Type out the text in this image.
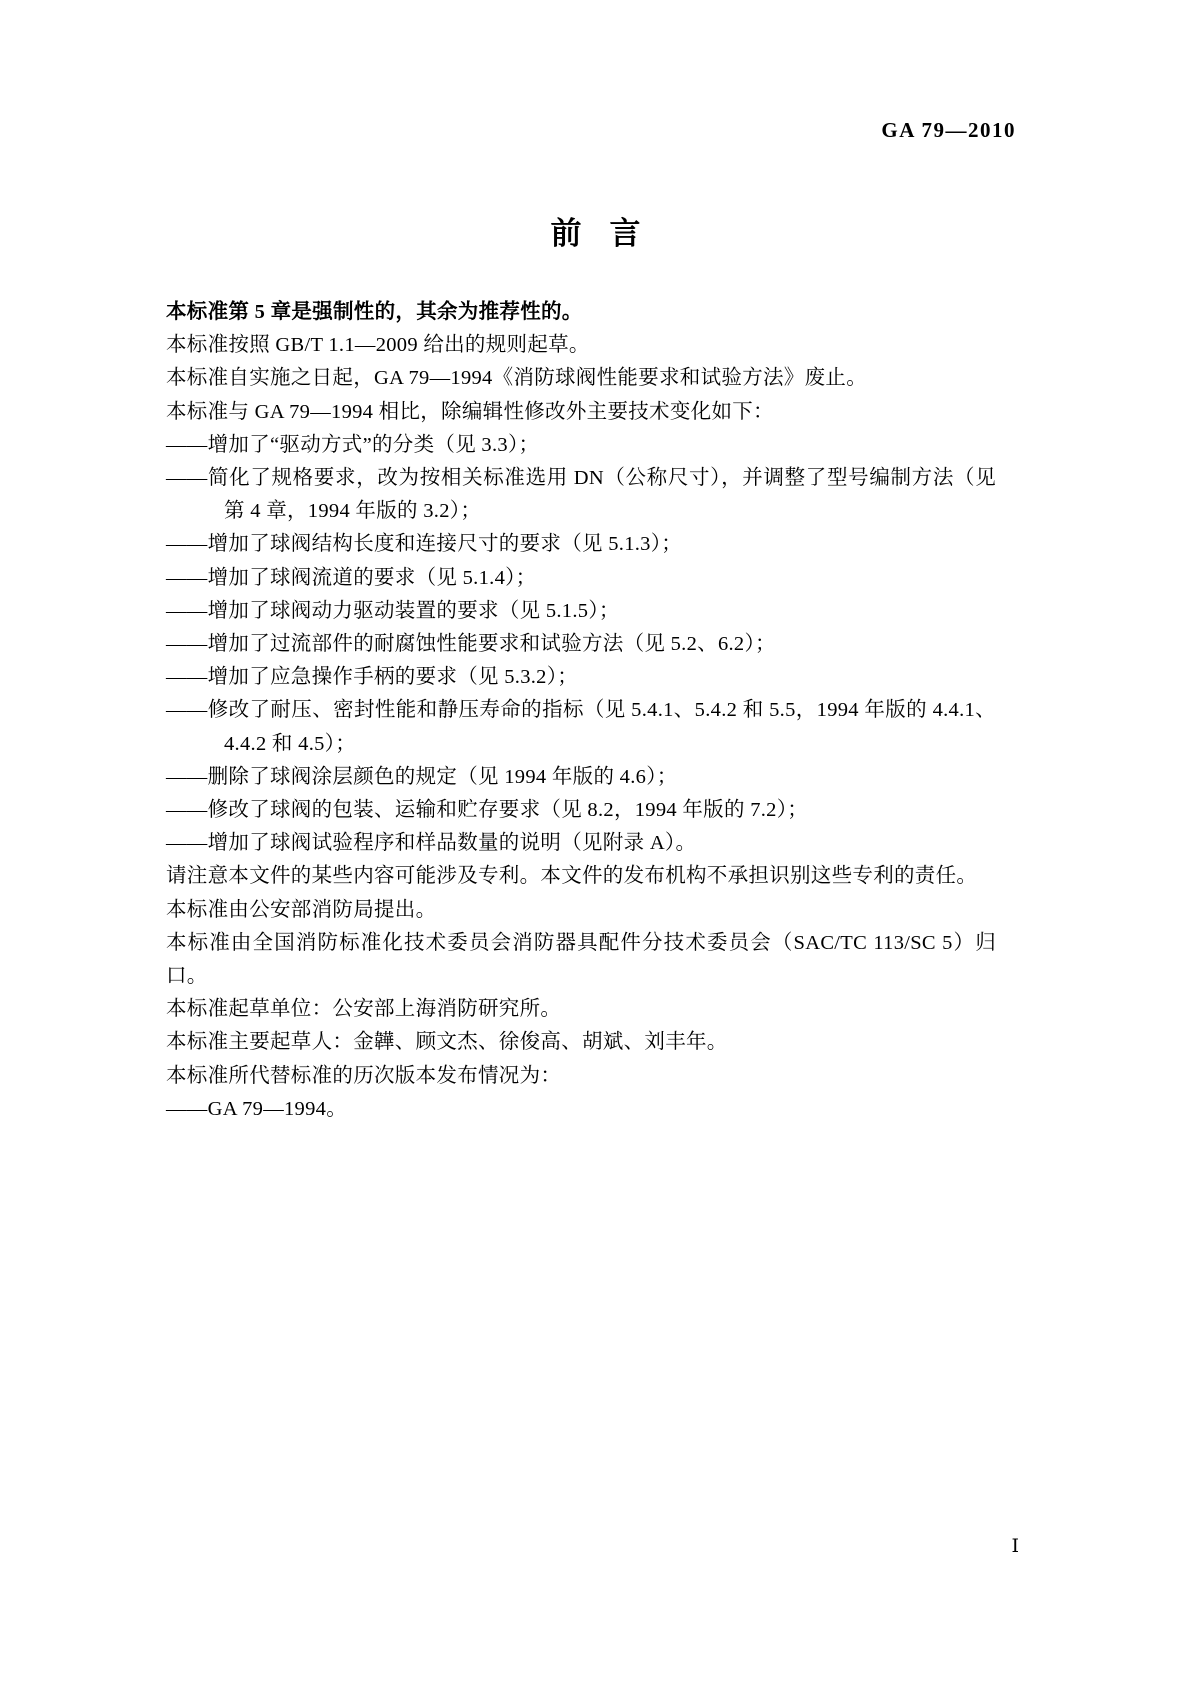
GA 79—2010
前言
本标准第 5 章是强制性的，其余为推荐性的。
本标准按照 GB/T 1.1—2009 给出的规则起草。
本标准自实施之日起，GA 79—1994《消防球阀性能要求和试验方法》废止。
本标准与 GA 79—1994 相比，除编辑性修改外主要技术变化如下：
——增加了“驱动方式”的分类（见 3.3）；
——简化了规格要求，改为按相关标准选用 DN（公称尺寸），并调整了型号编制方法（见第 4 章，1994 年版的 3.2）；
——增加了球阀结构长度和连接尺寸的要求（见 5.1.3）；
——增加了球阀流道的要求（见 5.1.4）；
——增加了球阀动力驱动装置的要求（见 5.1.5）；
——增加了过流部件的耐腐蚀性能要求和试验方法（见 5.2、6.2）；
——增加了应急操作手柄的要求（见 5.3.2）；
——修改了耐压、密封性能和静压寿命的指标（见 5.4.1、5.4.2 和 5.5，1994 年版的 4.4.1、4.4.2 和 4.5）；
——删除了球阀涂层颜色的规定（见 1994 年版的 4.6）；
——修改了球阀的包装、运输和贮存要求（见 8.2，1994 年版的 7.2）；
——增加了球阀试验程序和样品数量的说明（见附录 A）。
请注意本文件的某些内容可能涉及专利。本文件的发布机构不承担识别这些专利的责任。
本标准由公安部消防局提出。
本标准由全国消防标准化技术委员会消防器具配件分技术委员会（SAC/TC 113/SC 5）归口。
本标准起草单位：公安部上海消防研究所。
本标准主要起草人：金韡、顾文杰、徐俊高、胡斌、刘丰年。
本标准所代替标准的历次版本发布情况为：
——GA 79—1994。
Ⅰ
